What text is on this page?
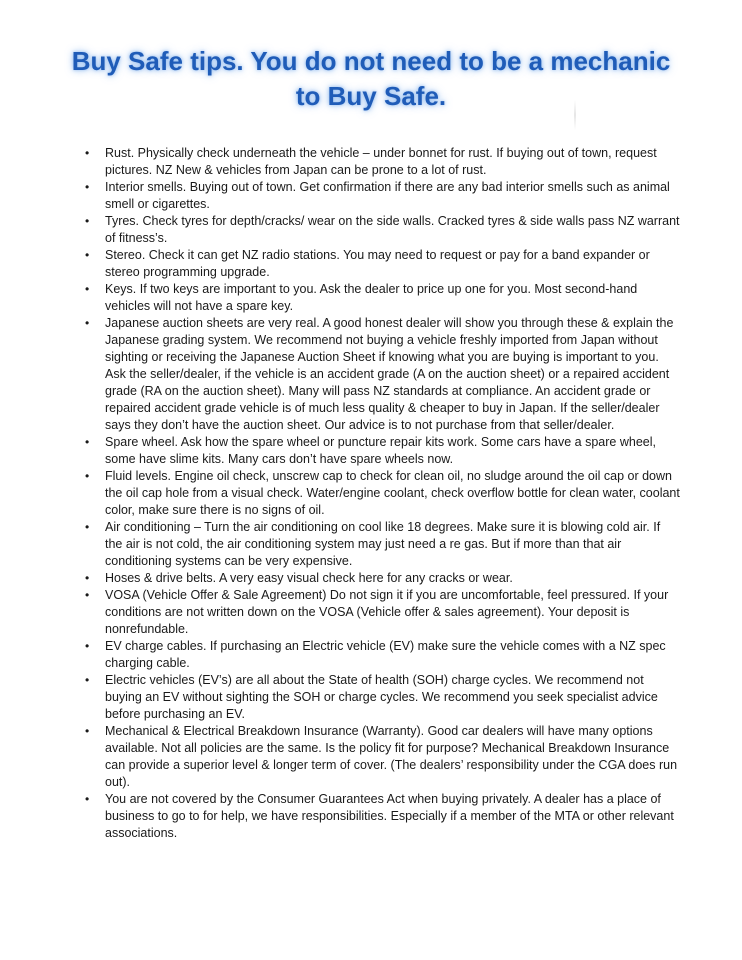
Buy Safe tips. You do not need to be a mechanic to Buy Safe.
• Rust. Physically check underneath the vehicle – under bonnet for rust. If buying out of town, request pictures. NZ New & vehicles from Japan can be prone to a lot of rust.
• Interior smells. Buying out of town. Get confirmation if there are any bad interior smells such as animal smell or cigarettes.
• Tyres. Check tyres for depth/cracks/ wear on the side walls. Cracked tyres & side walls pass NZ warrant of fitness’s.
• Stereo. Check it can get NZ radio stations. You may need to request or pay for a band expander or stereo programming upgrade.
• Keys. If two keys are important to you. Ask the dealer to price up one for you. Most second-hand vehicles will not have a spare key.
• Japanese auction sheets are very real. A good honest dealer will show you through these & explain the Japanese grading system. We recommend not buying a vehicle freshly imported from Japan without sighting or receiving the Japanese Auction Sheet if knowing what you are buying is important to you. Ask the seller/dealer, if the vehicle is an accident grade (A on the auction sheet) or a repaired accident grade (RA on the auction sheet). Many will pass NZ standards at compliance. An accident grade or repaired accident grade vehicle is of much less quality & cheaper to buy in Japan. If the seller/dealer says they don’t have the auction sheet. Our advice is to not purchase from that seller/dealer.
• Spare wheel. Ask how the spare wheel or puncture repair kits work. Some cars have a spare wheel, some have slime kits. Many cars don’t have spare wheels now.
• Fluid levels. Engine oil check, unscrew cap to check for clean oil, no sludge around the oil cap or down the oil cap hole from a visual check. Water/engine coolant, check overflow bottle for clean water, coolant color, make sure there is no signs of oil.
• Air conditioning – Turn the air conditioning on cool like 18 degrees. Make sure it is blowing cold air. If the air is not cold, the air conditioning system may just need a re gas. But if more than that air conditioning systems can be very expensive.
• Hoses & drive belts. A very easy visual check here for any cracks or wear.
• VOSA (Vehicle Offer & Sale Agreement) Do not sign it if you are uncomfortable, feel pressured. If your conditions are not written down on the VOSA (Vehicle offer & sales agreement). Your deposit is nonrefundable.
• EV charge cables. If purchasing an Electric vehicle (EV) make sure the vehicle comes with a NZ spec charging cable.
• Electric vehicles (EV’s) are all about the State of health (SOH) charge cycles. We recommend not buying an EV without sighting the SOH or charge cycles. We recommend you seek specialist advice before purchasing an EV.
• Mechanical & Electrical Breakdown Insurance (Warranty). Good car dealers will have many options available. Not all policies are the same. Is the policy fit for purpose? Mechanical Breakdown Insurance can provide a superior level & longer term of cover. (The dealers’ responsibility under the CGA does run out).
• You are not covered by the Consumer Guarantees Act when buying privately. A dealer has a place of business to go to for help, we have responsibilities. Especially if a member of the MTA or other relevant associations.
